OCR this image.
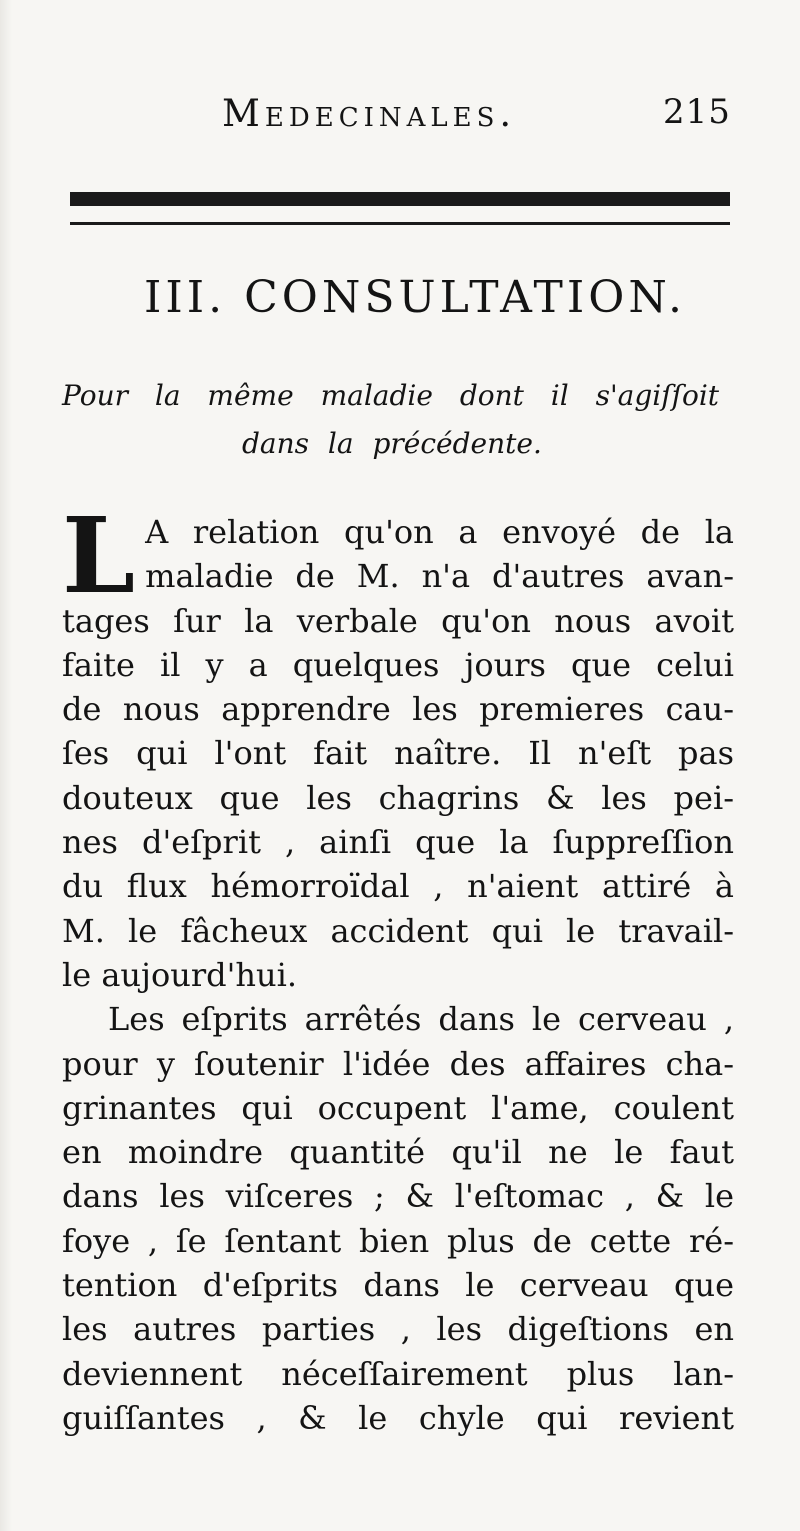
Medecinales.	215
III. CONSULTATION.
Pour la même maladie dont il s'agiſſoit
dans la précédente.
L A relation qu'on a envoyé de la
maladie de M. n'a d'autres avan-
tages ſur la verbale qu'on nous avoit
faite il y a quelques jours que celui
de nous apprendre les premieres cau-
ſes qui l'ont fait naître. Il n'eſt pas
douteux que les chagrins & les pei-
nes d'eſprit , ainſi que la ſuppreſſion
du flux hémorroïdal , n'aient attiré à
M. le fâcheux accident qui le travail-
le aujourd'hui.
Les eſprits arrêtés dans le cerveau ,
pour y ſoutenir l'idée des affaires cha-
grinantes qui occupent l'ame, coulent
en moindre quantité qu'il ne le faut
dans les viſceres ; & l'eſtomac , & le
foye , ſe ſentant bien plus de cette ré-
tention d'eſprits dans le cerveau que
les autres parties , les digeſtions en
deviennent néceſſairement plus lan-
guiſſantes , & le chyle qui revient
